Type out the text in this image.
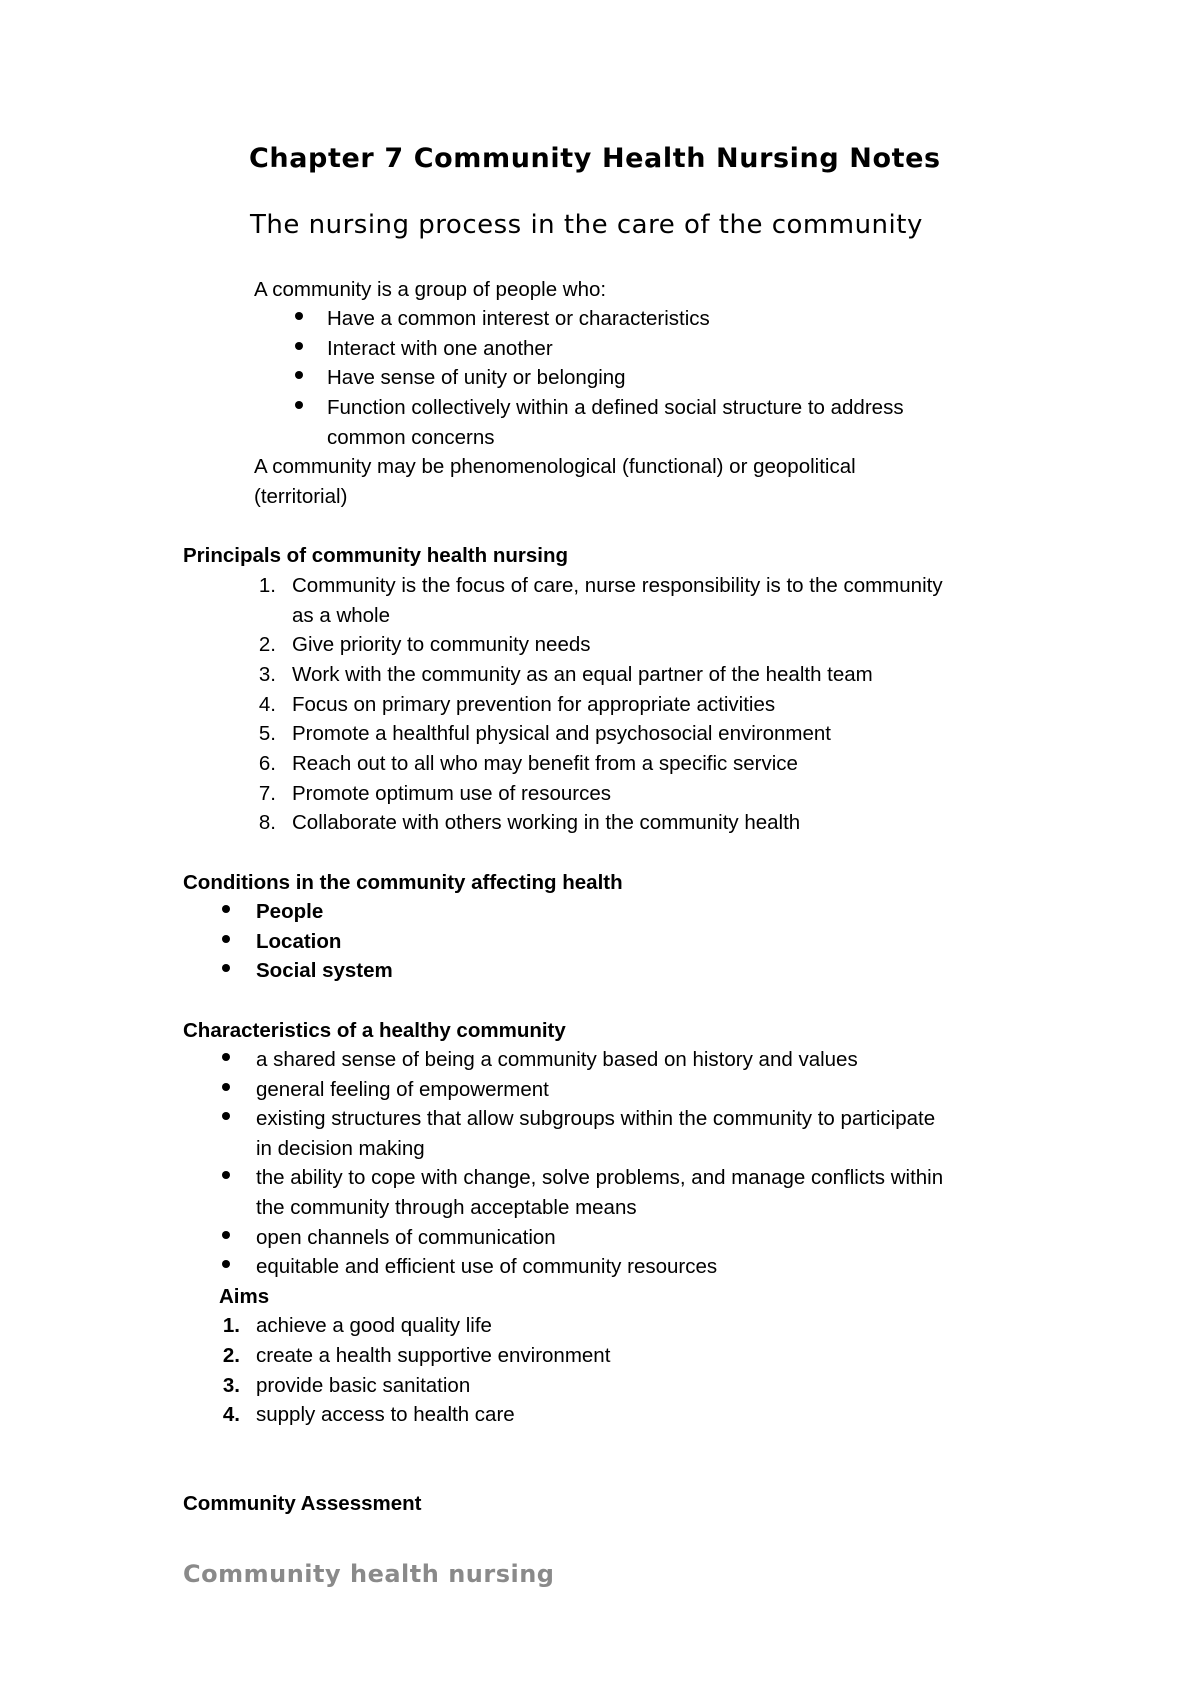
Chapter 7 Community Health Nursing Notes
The nursing process in the care of the community

A community is a group of people who:

Have a common interest or characteristics

Interact with one another

Have sense of unity or belonging

Function collectively within a defined social structure to address

common concerns

A community may be phenomenological (functional) or geopolitical

(territorial)

Principals of community health nursing

1. Community is the focus of care, nurse responsibility is to the community

as a whole

2. Give priority to community needs

3. Work with the community as an equal partner of the health team

4. Focus on primary prevention for appropriate activities

5. Promote a healthful physical and psychosocial environment

6. Reach out to all who may benefit from a specific service

7. Promote optimum use of resources

8. Collaborate with others working in the community health

Conditions in the community affecting health

People

Location

Social system

Characteristics of a healthy community

a shared sense of being a community based on history and values

general feeling of empowerment

existing structures that allow subgroups within the community to participate

in decision making

the ability to cope with change, solve problems, and manage conflicts within

the community through acceptable means

open channels of communication

equitable and efficient use of community resources

Aims

1. achieve a good quality life

2. create a health supportive environment

3. provide basic sanitation

4. supply access to health care

Community Assessment

Community health nursing
